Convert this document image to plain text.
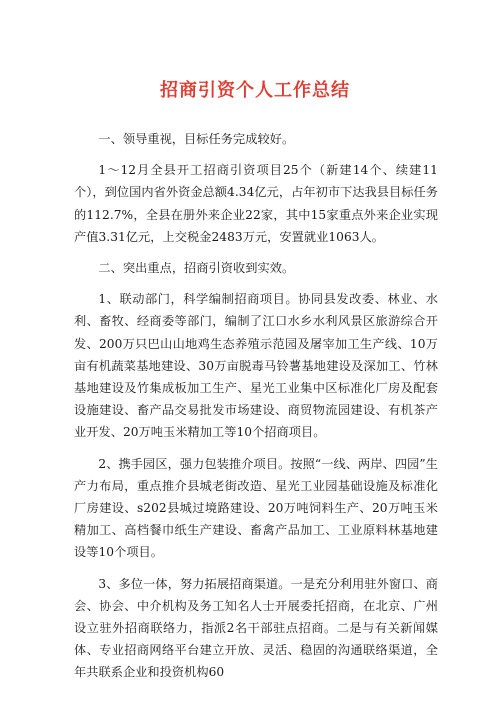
招商引资个人工作总结

一、领导重视，目标任务完成较好。

1～12月全县开工招商引资项目25个（新建14个、续建11个），到位国内省外资金总额4.34亿元，占年初市下达我县目标任务的112.7%，全县在册外来企业22家，其中15家重点外来企业实现产值3.31亿元，上交税金2483万元，安置就业1063人。

二、突出重点，招商引资收到实效。

1、联动部门，科学编制招商项目。协同县发改委、林业、水利、畜牧、经商委等部门，编制了江口水乡水利风景区旅游综合开发、200万只巴山山地鸡生态养殖示范园及屠宰加工生产线、10万亩有机蔬菜基地建设、30万亩脱毒马铃薯基地建设及深加工、竹林基地建设及竹集成板加工生产、星光工业集中区标准化厂房及配套设施建设、畜产品交易批发市场建设、商贸物流园建设、有机茶产业开发、20万吨玉米精加工等10个招商项目。

2、携手园区，强力包装推介项目。按照“一线、两岸、四园”生产力布局，重点推介县城老街改造、星光工业园基础设施及标准化厂房建设、s202县城过境路建设、20万吨饲料生产、20万吨玉米精加工、高档餐巾纸生产建设、畜禽产品加工、工业原料林基地建设等10个项目。

3、多位一体，努力拓展招商渠道。一是充分利用驻外窗口、商会、协会、中介机构及务工知名人士开展委托招商，在北京、广州设立驻外招商联络力，指派2名干部驻点招商。二是与有关新闻媒体、专业招商网络平台建立开放、灵活、稳固的沟通联络渠道，全年共联系企业和投资机构60
